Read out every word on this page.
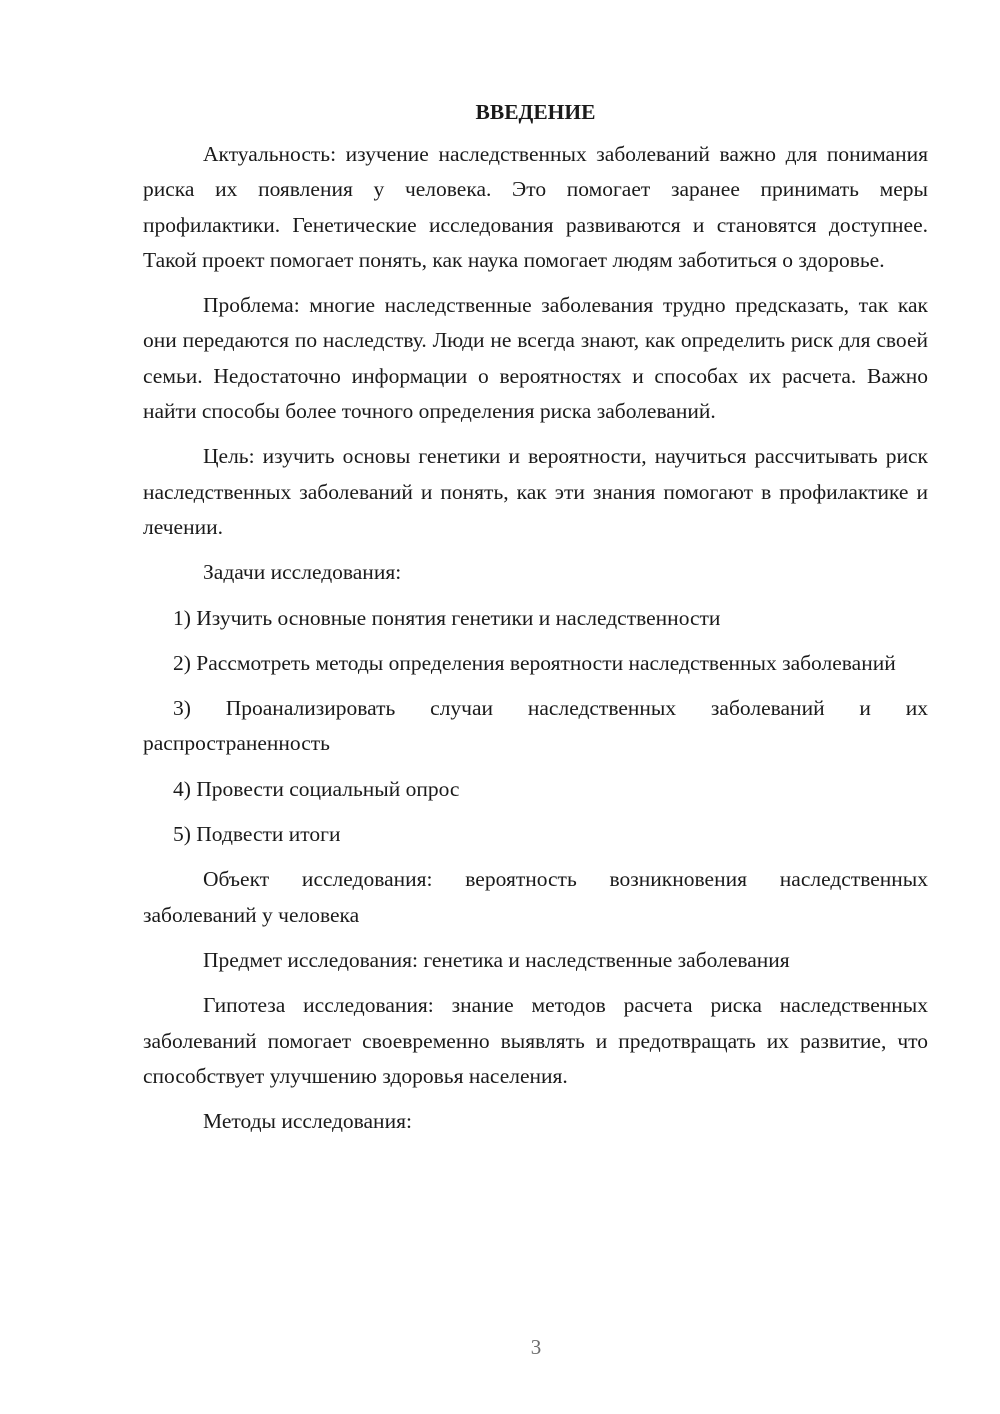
ВВЕДЕНИЕ

Актуальность: изучение наследственных заболеваний важно для понимания риска их появления у человека. Это помогает заранее принимать меры профилактики. Генетические исследования развиваются и становятся доступнее. Такой проект помогает понять, как наука помогает людям заботиться о здоровье.

Проблема: многие наследственные заболевания трудно предсказать, так как они передаются по наследству. Люди не всегда знают, как определить риск для своей семьи. Недостаточно информации о вероятностях и способах их расчета. Важно найти способы более точного определения риска заболеваний.

Цель: изучить основы генетики и вероятности, научиться рассчитывать риск наследственных заболеваний и понять, как эти знания помогают в профилактике и лечении.

Задачи исследования:

1) Изучить основные понятия генетики и наследственности

2) Рассмотреть методы определения вероятности наследственных заболеваний

3) Проанализировать случаи наследственных заболеваний и их распространенность

4) Провести социальный опрос

5) Подвести итоги

Объект исследования: вероятность возникновения наследственных заболеваний у человека

Предмет исследования: генетика и наследственные заболевания

Гипотеза исследования: знание методов расчета риска наследственных заболеваний помогает своевременно выявлять и предотвращать их развитие, что способствует улучшению здоровья населения.

Методы исследования:

3
